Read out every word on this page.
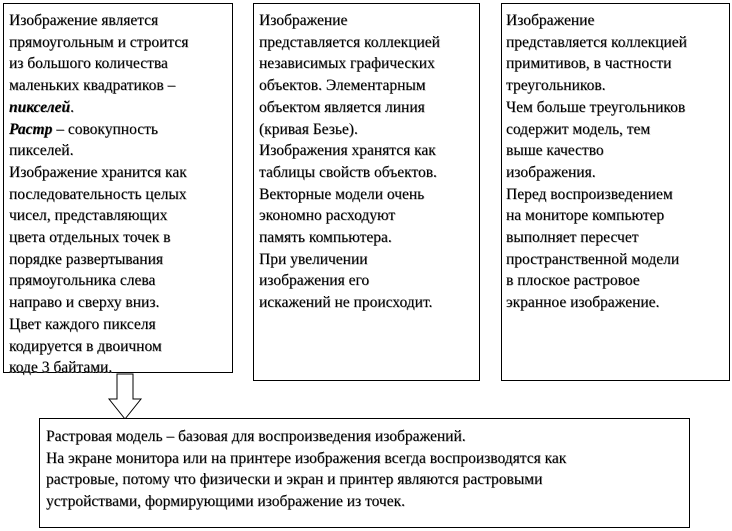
Изображение является
прямоугольным и строится
из большого количества
маленьких квадратиков –
пикселей.
Растр – совокупность
пикселей.
Изображение хранится как
последовательность целых
чисел, представляющих
цвета отдельных точек в
порядке развертывания
прямоугольника слева
направо и сверху вниз.
Цвет каждого пикселя
кодируется в двоичном
коде 3 байтами.
Изображение
представляется коллекцией
независимых графических
объектов. Элементарным
объектом является линия
(кривая Безье).
Изображения хранятся как
таблицы свойств объектов.
Векторные модели очень
экономно расходуют
память компьютера.
При увеличении
изображения его
искажений не происходит.
Изображение
представляется коллекцией
примитивов, в частности
треугольников.
Чем больше треугольников
содержит модель, тем
выше качество
изображения.
Перед воспроизведением
на мониторе компьютер
выполняет пересчет
пространственной модели
в плоское растровое
экранное изображение.
Растровая модель – базовая для воспроизведения изображений.
На экране монитора или на принтере изображения всегда воспроизводятся как
растровые, потому что физически и экран и принтер являются растровыми
устройствами, формирующими изображение из точек.
